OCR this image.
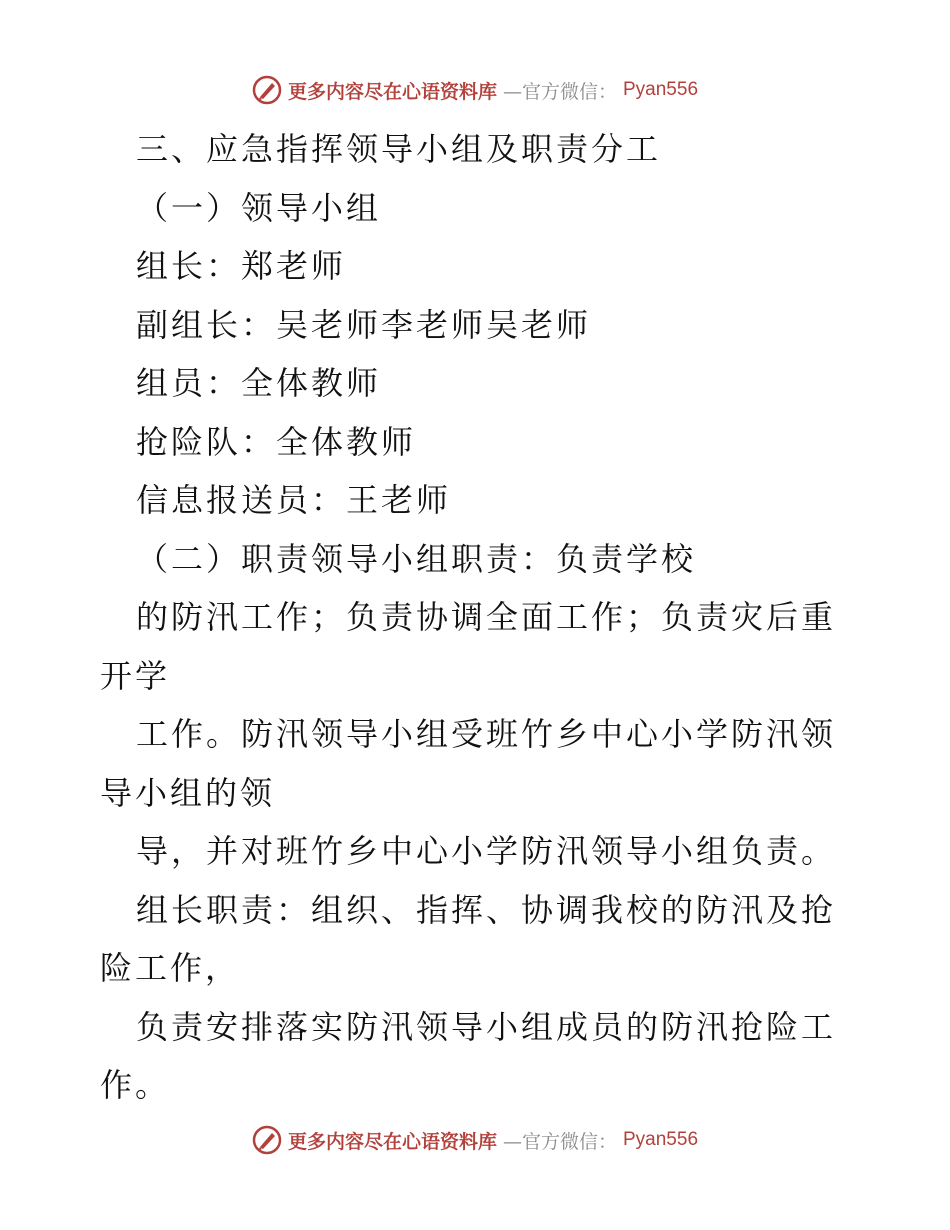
更多内容尽在心语资料库 —官方微信： Pyan556

三、应急指挥领导小组及职责分工

（一）领导小组

组长：郑老师

副组长：吴老师李老师吴老师

组员：全体教师

抢险队：全体教师

信息报送员：王老师

（二）职责领导小组职责：负责学校

的防汛工作；负责协调全面工作；负责灾后重开学

工作。防汛领导小组受班竹乡中心小学防汛领导小组的领

导，并对班竹乡中心小学防汛领导小组负责。

组长职责：组织、指挥、协调我校的防汛及抢险工作，

负责安排落实防汛领导小组成员的防汛抢险工作。

更多内容尽在心语资料库 —官方微信： Pyan556
